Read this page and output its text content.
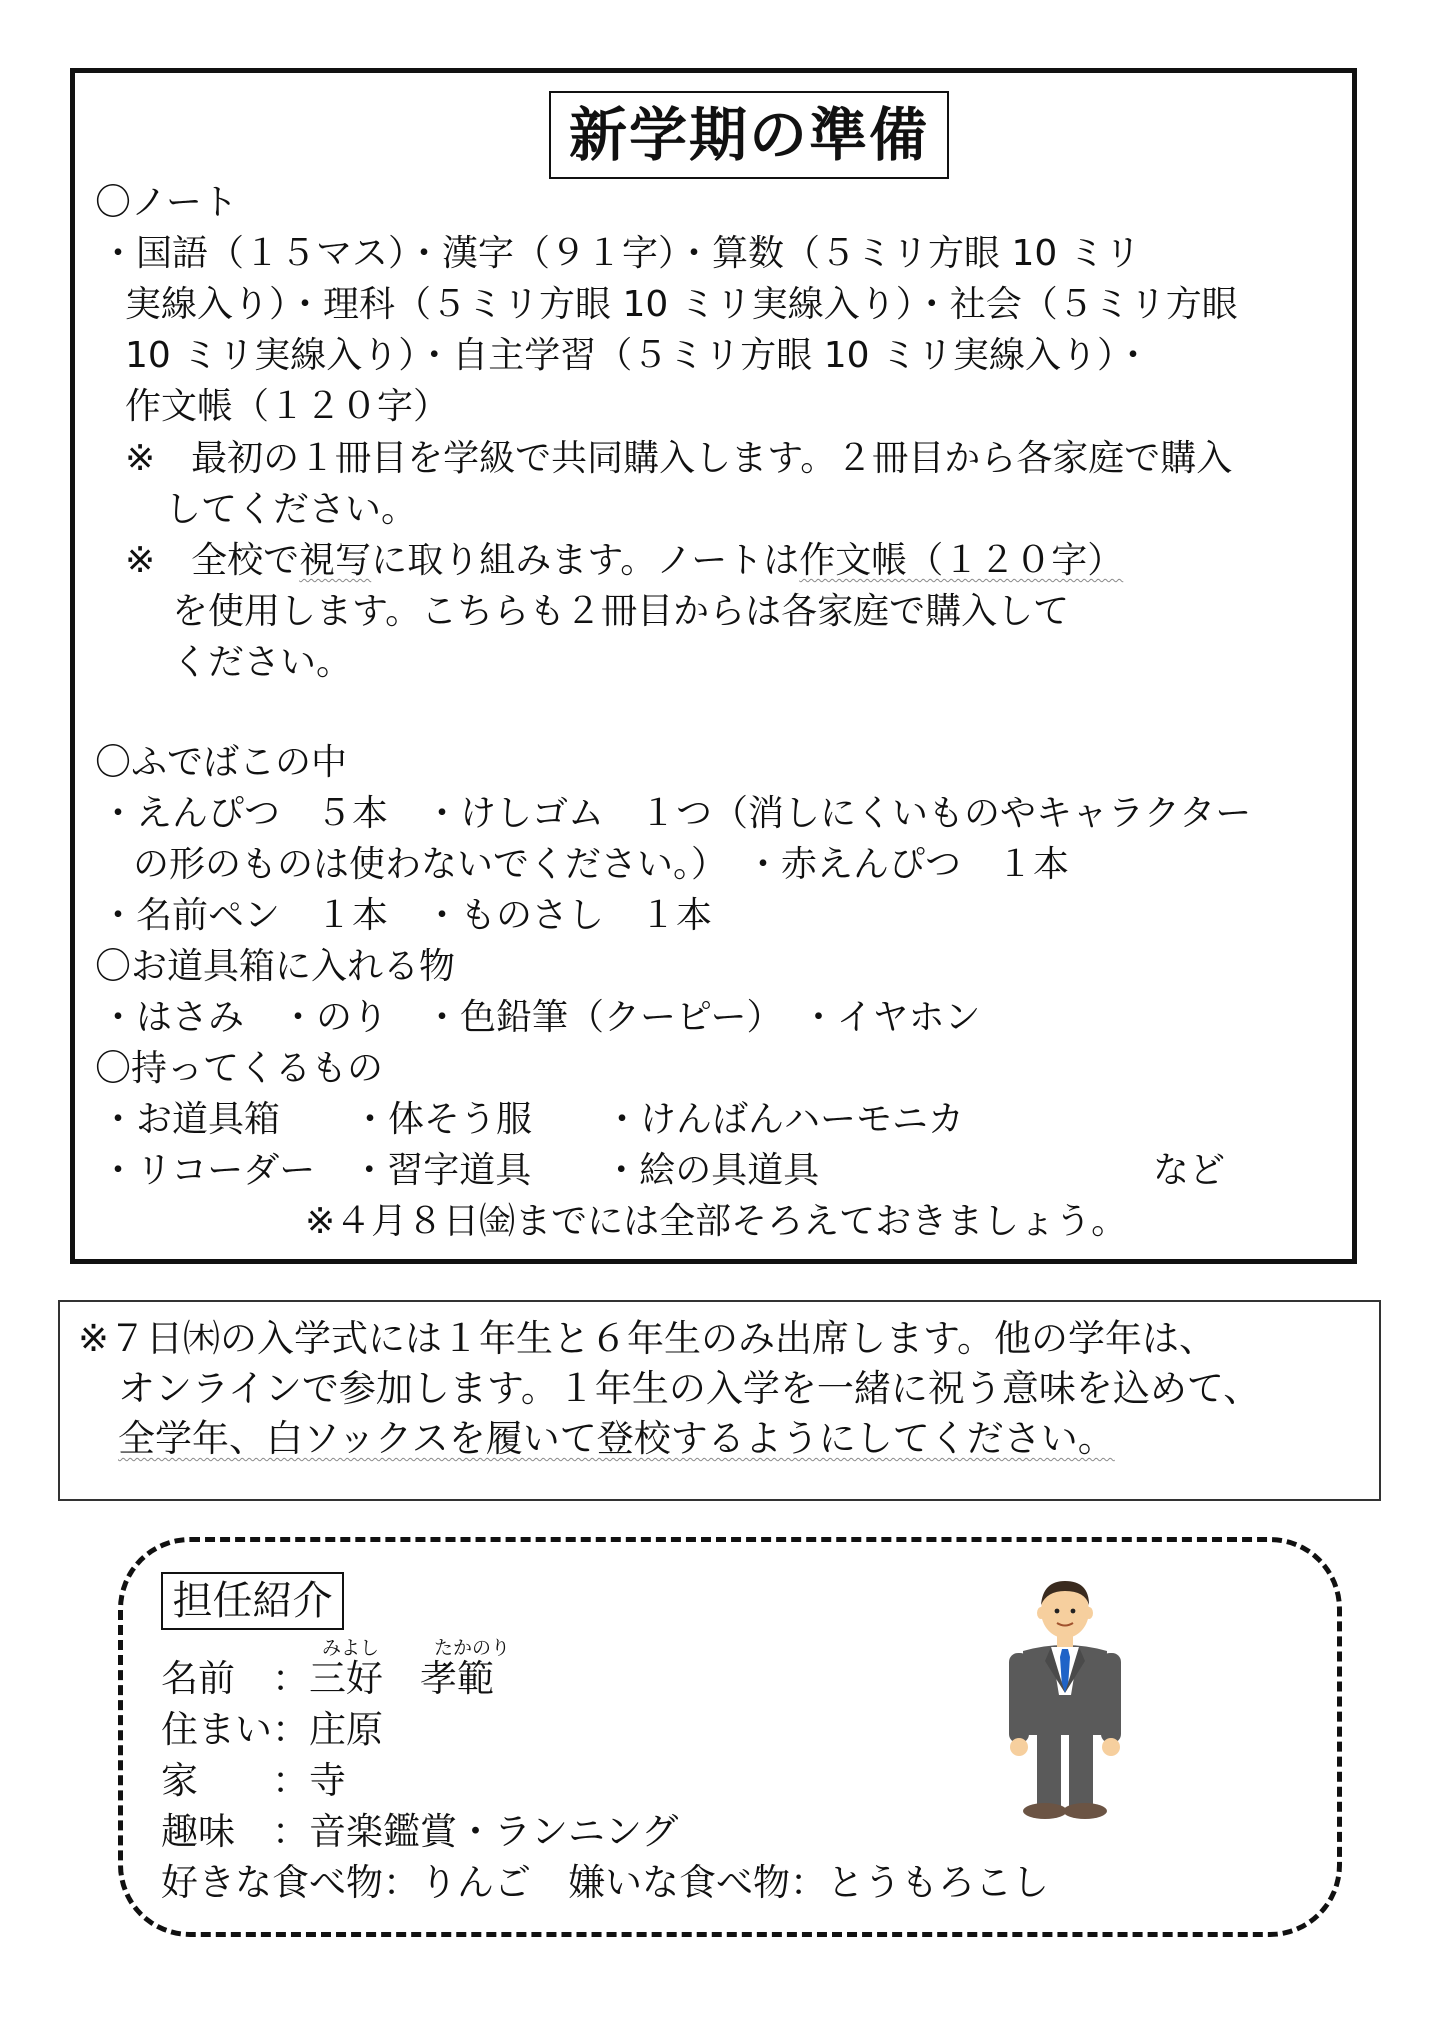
新学期の準備
〇ノート
・国語（１５マス）・漢字（９１字）・算数（５ミリ方眼 10 ミリ
実線入り）・理科（５ミリ方眼 10 ミリ実線入り）・社会（５ミリ方眼
10 ミリ実線入り）・自主学習（５ミリ方眼 10 ミリ実線入り）・
作文帳（１２０字）
※　最初の１冊目を学級で共同購入します。２冊目から各家庭で購入
してください。
※　全校で視写に取り組みます。ノートは作文帳（１２０字）
を使用します。こちらも２冊目からは各家庭で購入して
ください。
〇ふでばこの中
・えんぴつ　５本　・けしゴム　１つ（消しにくいものやキャラクター
の形のものは使わないでください。）　・赤えんぴつ　１本
・名前ペン　１本　・ものさし　１本
〇お道具箱に入れる物
・はさみ　・のり　・色鉛筆（クーピー）　・イヤホン
〇持ってくるもの
・お道具箱　　・体そう服　　・けんばんハーモニカ
・リコーダー　・習字道具　　・絵の具道具	など
※４月８日㈮までには全部そろえておきましょう。
※７日㈭の入学式には１年生と６年生のみ出席します。他の学年は、
オンラインで参加します。１年生の入学を一緒に祝う意味を込めて、
全学年、白ソックスを履いて登校するようにしてください。
担任紹介
みよし	たかのり
名前　：三好　 孝範
住まい：庄原
家　　：寺
趣味　：音楽鑑賞・ランニング
好きな食べ物：りんご　嫌いな食べ物：とうもろこし
